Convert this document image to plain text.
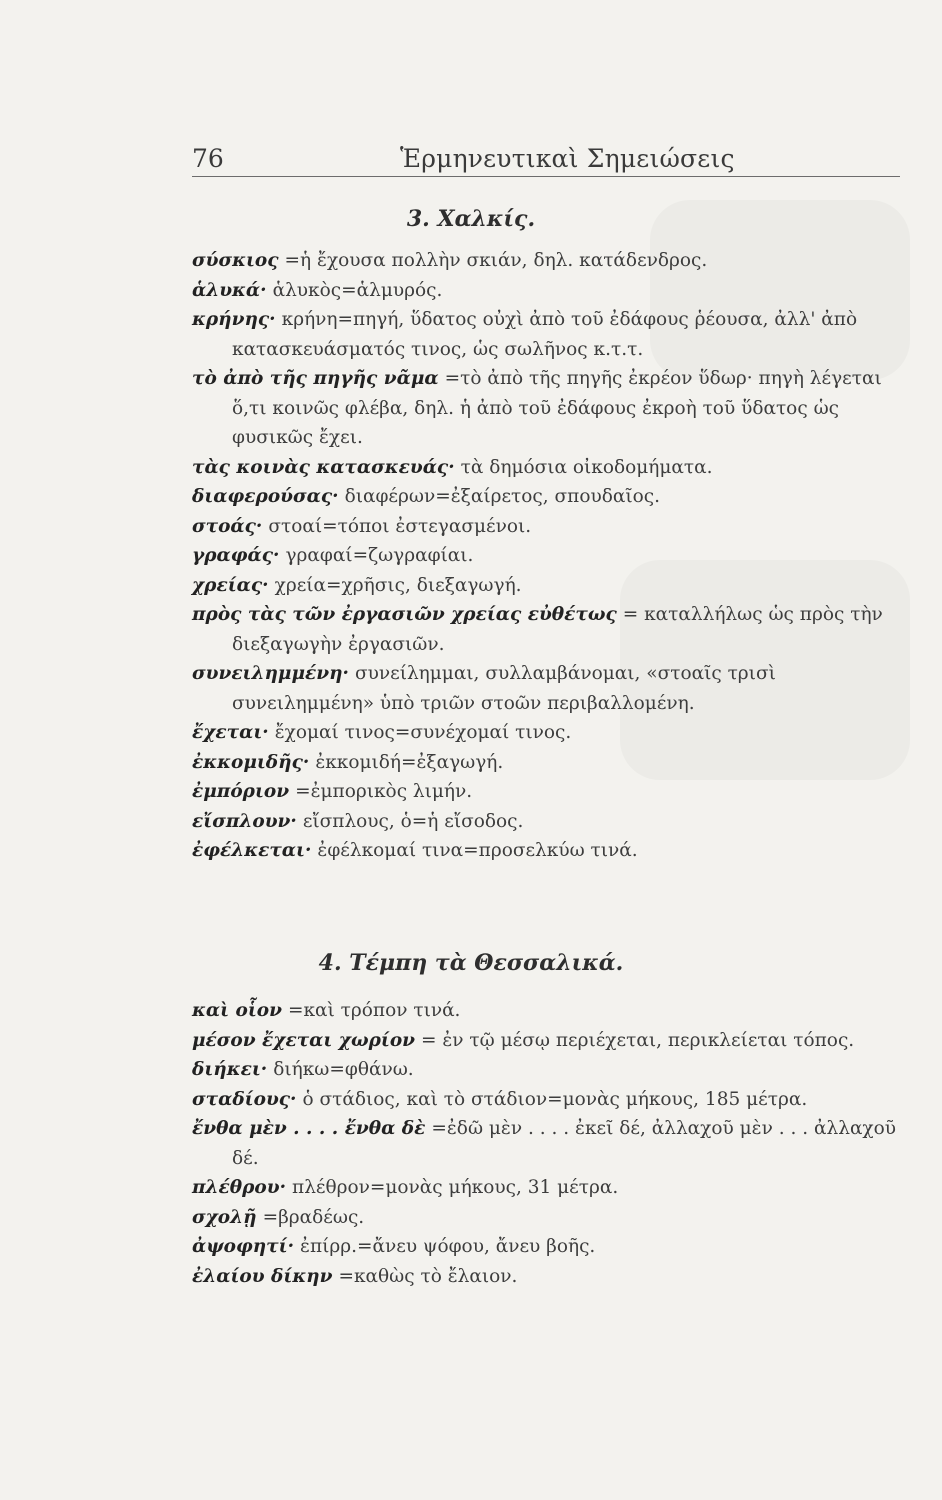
76	Ἑρμηνευτικαὶ Σημειώσεις
3. Χαλκίς.

σύσκιος =ἡ ἔχουσα πολλὴν σκιάν, δηλ. κατάδενδρος.

ἁλυκά· ἁλυκὸς=ἁλμυρός.

κρήνης· κρήνη=πηγή, ὕδατος οὐχὶ ἀπὸ τοῦ ἐδάφους ῥέουσα, ἀλλ' ἀπὸ κατασκευάσματός τινος, ὡς σωλῆνος κ.τ.τ.

τὸ ἀπὸ τῆς πηγῆς νᾶμα =τὸ ἀπὸ τῆς πηγῆς ἐκρέον ὕδωρ· πηγὴ λέγεται ὅ,τι κοινῶς φλέβα, δηλ. ἡ ἀπὸ τοῦ ἐδάφους ἐκροὴ τοῦ ὕδατος ὡς φυσικῶς ἔχει.

τὰς κοινὰς κατασκευάς· τὰ δημόσια οἰκοδομήματα.

διαφερούσας· διαφέρων=ἐξαίρετος, σπουδαῖος.

στοάς· στοαί=τόποι ἐστεγασμένοι.

γραφάς· γραφαί=ζωγραφίαι.

χρείας· χρεία=χρῆσις, διεξαγωγή.

πρὸς τὰς τῶν ἐργασιῶν χρείας εὐθέτως = καταλλήλως ὡς πρὸς τὴν διεξαγωγὴν ἐργασιῶν.

συνειλημμένη· συνείλημμαι, συλλαμβάνομαι, «στοαῖς τρισὶ συνειλημμένη» ὑπὸ τριῶν στοῶν περιβαλλομένη.

ἔχεται· ἔχομαί τινος=συνέχομαί τινος.

ἐκκομιδῆς· ἐκκομιδή=ἐξαγωγή.

ἐμπόριον =ἐμπορικὸς λιμήν.

εἴσπλουν· εἴσπλους, ὁ=ἡ εἴσοδος.

ἐφέλκεται· ἐφέλκομαί τινα=προσελκύω τινά.

4. Τέμπη τὰ Θεσσαλικά.

καὶ οἷον =καὶ τρόπον τινά.

μέσον ἔχεται χωρίον = ἐν τῷ μέσῳ περιέχεται, περικλείεται τόπος.

διήκει· διήκω=φθάνω.

σταδίους· ὁ στάδιος, καὶ τὸ στάδιον=μονὰς μήκους, 185 μέτρα.

ἔνθα μὲν . . . . ἔνθα δὲ =ἐδῶ μὲν . . . . ἐκεῖ δέ, ἀλλαχοῦ μὲν . . . ἀλλαχοῦ δέ.

πλέθρου· πλέθρον=μονὰς μήκους, 31 μέτρα.

σχολῇ =βραδέως.

ἀψοφητί· ἐπίρρ.=ἄνευ ψόφου, ἄνευ βοῆς.

ἐλαίου δίκην =καθὼς τὸ ἔλαιον.
